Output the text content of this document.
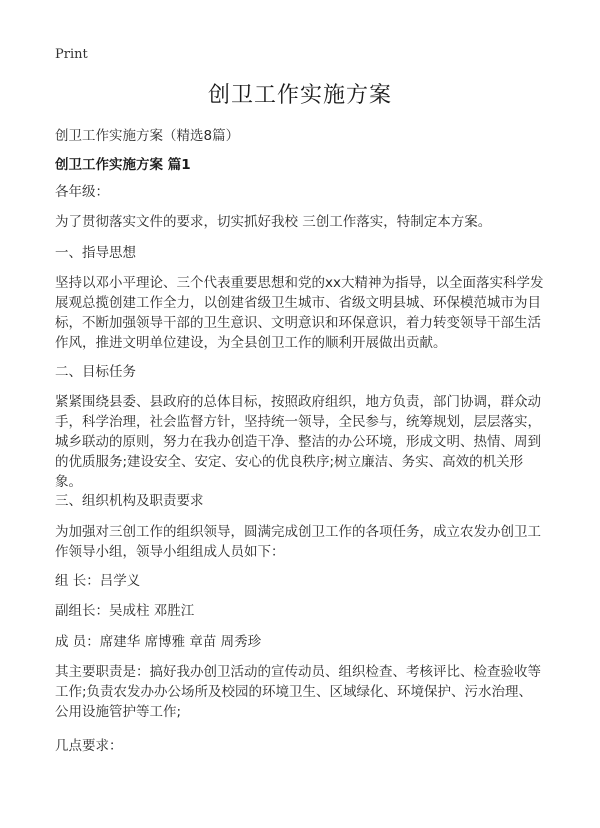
Print
创卫工作实施方案
创卫工作实施方案（精选8篇）
创卫工作实施方案 篇1

各年级：

为了贯彻落实文件的要求，切实抓好我校 三创工作落实，特制定本方案。

一、指导思想

坚持以邓小平理论、三个代表重要思想和党的xx大精神为指导，以全面落实科学发展观总揽创建工作全力，以创建省级卫生城市、省级文明县城、环保模范城市为目标，不断加强领导干部的卫生意识、文明意识和环保意识，着力转变领导干部生活作风，推进文明单位建设，为全县创卫工作的顺利开展做出贡献。

二、目标任务

紧紧围绕县委、县政府的总体目标，按照政府组织，地方负责，部门协调，群众动手，科学治理，社会监督方针，坚持统一领导，全民参与，统筹规划，层层落实，城乡联动的原则，努力在我办创造干净、整洁的办公环境，形成文明、热情、周到的优质服务;建设安全、安定、安心的优良秩序;树立廉洁、务实、高效的机关形象。

三、组织机构及职责要求

为加强对三创工作的组织领导，圆满完成创卫工作的各项任务，成立农发办创卫工作领导小组，领导小组组成人员如下：

组 长：吕学义

副组长：吴成柱 邓胜江

成 员：席建华 席博雅 章苗 周秀珍

其主要职责是：搞好我办创卫活动的宣传动员、组织检查、考核评比、检查验收等工作;负责农发办办公场所及校园的环境卫生、区域绿化、环境保护、污水治理、公用设施管护等工作;

几点要求：
